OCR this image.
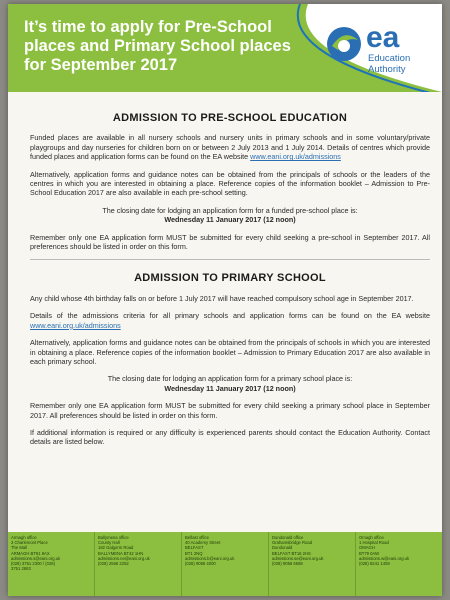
It’s time to apply for Pre-School places and Primary School places for September 2017
ea
Education Authority
ADMISSION TO PRE-SCHOOL EDUCATION

Funded places are available in all nursery schools and nursery units in primary schools and in some voluntary/private playgroups and day nurseries for children born on or between 2 July 2013 and 1 July 2014. Details of centres which provide funded places and application forms can be found on the EA website www.eani.org.uk/admissions

Alternatively, application forms and guidance notes can be obtained from the principals of schools or the leaders of the centres in which you are interested in obtaining a place. Reference copies of the information booklet – Admission to Pre-School Education 2017 are also available in each pre-school setting.

The closing date for lodging an application form for a funded pre-school place is:
Wednesday 11 January 2017 (12 noon)

Remember only one EA application form MUST be submitted for every child seeking a pre-school in September 2017. All preferences should be listed in order on this form.

ADMISSION TO PRIMARY SCHOOL

Any child whose 4th birthday falls on or before 1 July 2017 will have reached compulsory school age in September 2017.

Details of the admissions criteria for all primary schools and application forms can be found on the EA website www.eani.org.uk/admissions

Alternatively, application forms and guidance notes can be obtained from the principals of schools in which you are interested in obtaining a place. Reference copies of the information booklet – Admission to Primary Education 2017 are also available in each primary school.

The closing date for lodging an application form for a primary school place is:
Wednesday 11 January 2017 (12 noon)

Remember only one EA application form MUST be submitted for every child seeking a primary school place in September 2017. All preferences should be listed in order on this form.

If additional information is required or any difficulty is experienced parents should contact the Education Authority. Contact details are listed below.

Armagh office
3 Charlemont Place
The Mall
ARMAGH BT61 9AX
admissions.s@eani.org.uk
(028) 3751 2300 / (028)
3751 2683
Ballymena office
County Hall
182 Galgorm Road
BALLYMENA BT42 1HN
admissions.ne@eani.org.uk
(028) 2566 2252
Belfast office
40 Academy Street
BELFAST
BT1 2NQ
admissions.b@eani.org.uk
(028) 9056 4000
Dundonald office
Grahamsbridge Road
Dundonald
BELFAST BT16 2HS
admissions.se@eani.org.uk
(028) 9056 6568
Omagh office
1 Hospital Road
OMAGH
BT79 0AW
admissions.w@eani.org.uk
(028) 8241 1459
